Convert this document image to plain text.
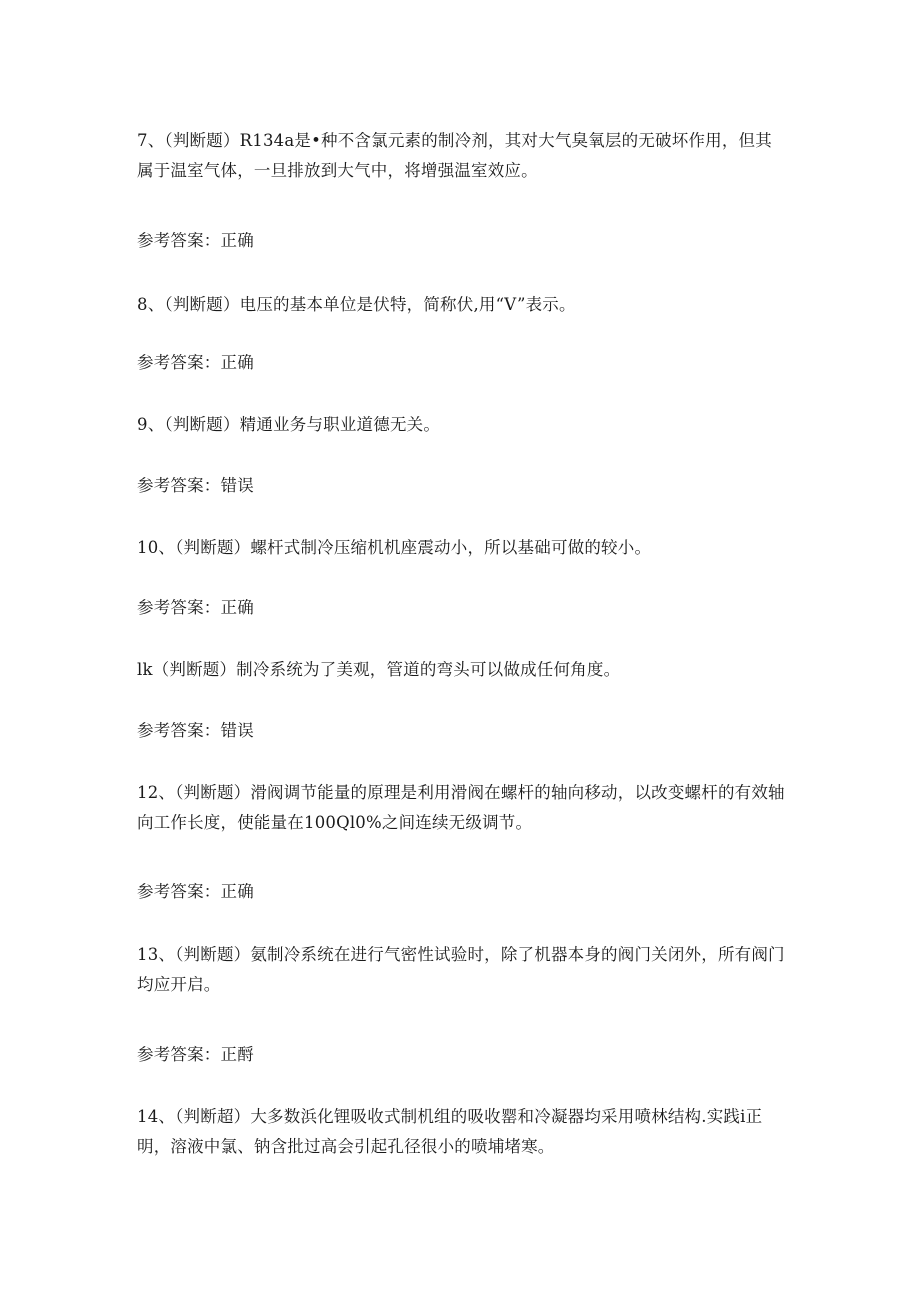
7、（判断题）R134a是•种不含氯元素的制冷剂，其对大气臭氧层的无破坏作用，但其属于温室气体，一旦排放到大气中，将增强温室效应。
参考答案：正确
8、（判断题）电压的基本单位是伏特，简称伏,用“V”表示。
参考答案：正确
9、（判断题）精通业务与职业道德无关。
参考答案：错误
10、（判断题）螺杆式制冷压缩机机座震动小，所以基础可做的较小。
参考答案：正确
lk（判断题）制冷系统为了美观，管道的弯头可以做成任何角度。
参考答案：错误
12、（判断题）滑阀调节能量的原理是利用滑阀在螺杆的轴向移动，以改变螺杆的有效轴向工作长度，使能量在100Ql0%之间连续无级调节。
参考答案：正确
13、（判断题）氨制冷系统在进行气密性试验时，除了机器本身的阀门关闭外，所有阀门均应开启。
参考答案：正酹
14、（判断超）大多数浜化锂吸收式制机组的吸收罂和冷凝器均采用喷林结构.实践i正明，溶液中氯、钠含批过高会引起孔径很小的喷埔堵寒。
